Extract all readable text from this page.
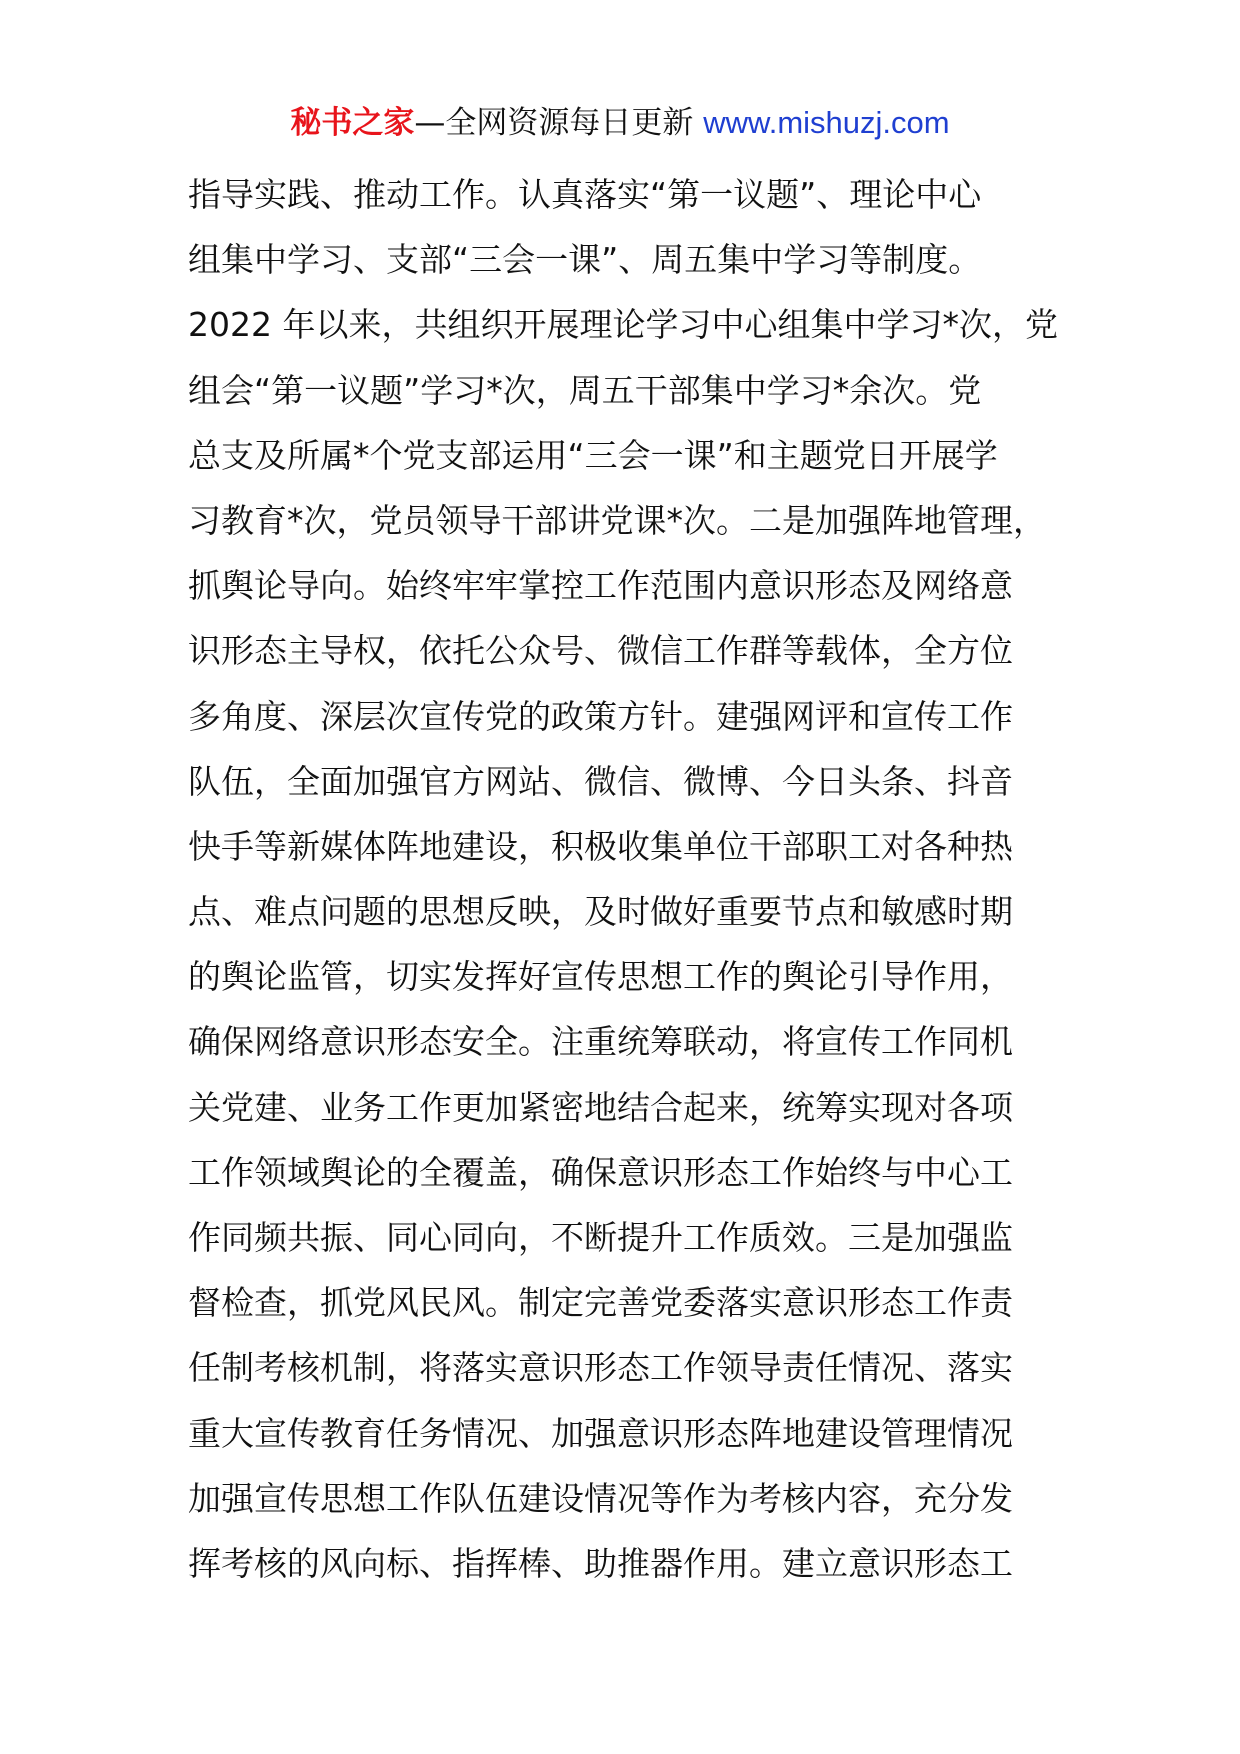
秘书之家—全网资源每日更新 www.mishuzj.com
指导实践、推动工作。认真落实“第一议题”、理论中心
组集中学习、支部“三会一课”、周五集中学习等制度。
2022 年以来，共组织开展理论学习中心组集中学习*次，党
组会“第一议题”学习*次，周五干部集中学习*余次。党
总支及所属*个党支部运用“三会一课”和主题党日开展学
习教育*次，党员领导干部讲党课*次。二是加强阵地管理，
抓舆论导向。始终牢牢掌控工作范围内意识形态及网络意
识形态主导权，依托公众号、微信工作群等载体，全方位
多角度、深层次宣传党的政策方针。建强网评和宣传工作
队伍，全面加强官方网站、微信、微博、今日头条、抖音
快手等新媒体阵地建设，积极收集单位干部职工对各种热
点、难点问题的思想反映，及时做好重要节点和敏感时期
的舆论监管，切实发挥好宣传思想工作的舆论引导作用，
确保网络意识形态安全。注重统筹联动，将宣传工作同机
关党建、业务工作更加紧密地结合起来，统筹实现对各项
工作领域舆论的全覆盖，确保意识形态工作始终与中心工
作同频共振、同心同向，不断提升工作质效。三是加强监
督检查，抓党风民风。制定完善党委落实意识形态工作责
任制考核机制，将落实意识形态工作领导责任情况、落实
重大宣传教育任务情况、加强意识形态阵地建设管理情况
加强宣传思想工作队伍建设情况等作为考核内容，充分发
挥考核的风向标、指挥棒、助推器作用。建立意识形态工
